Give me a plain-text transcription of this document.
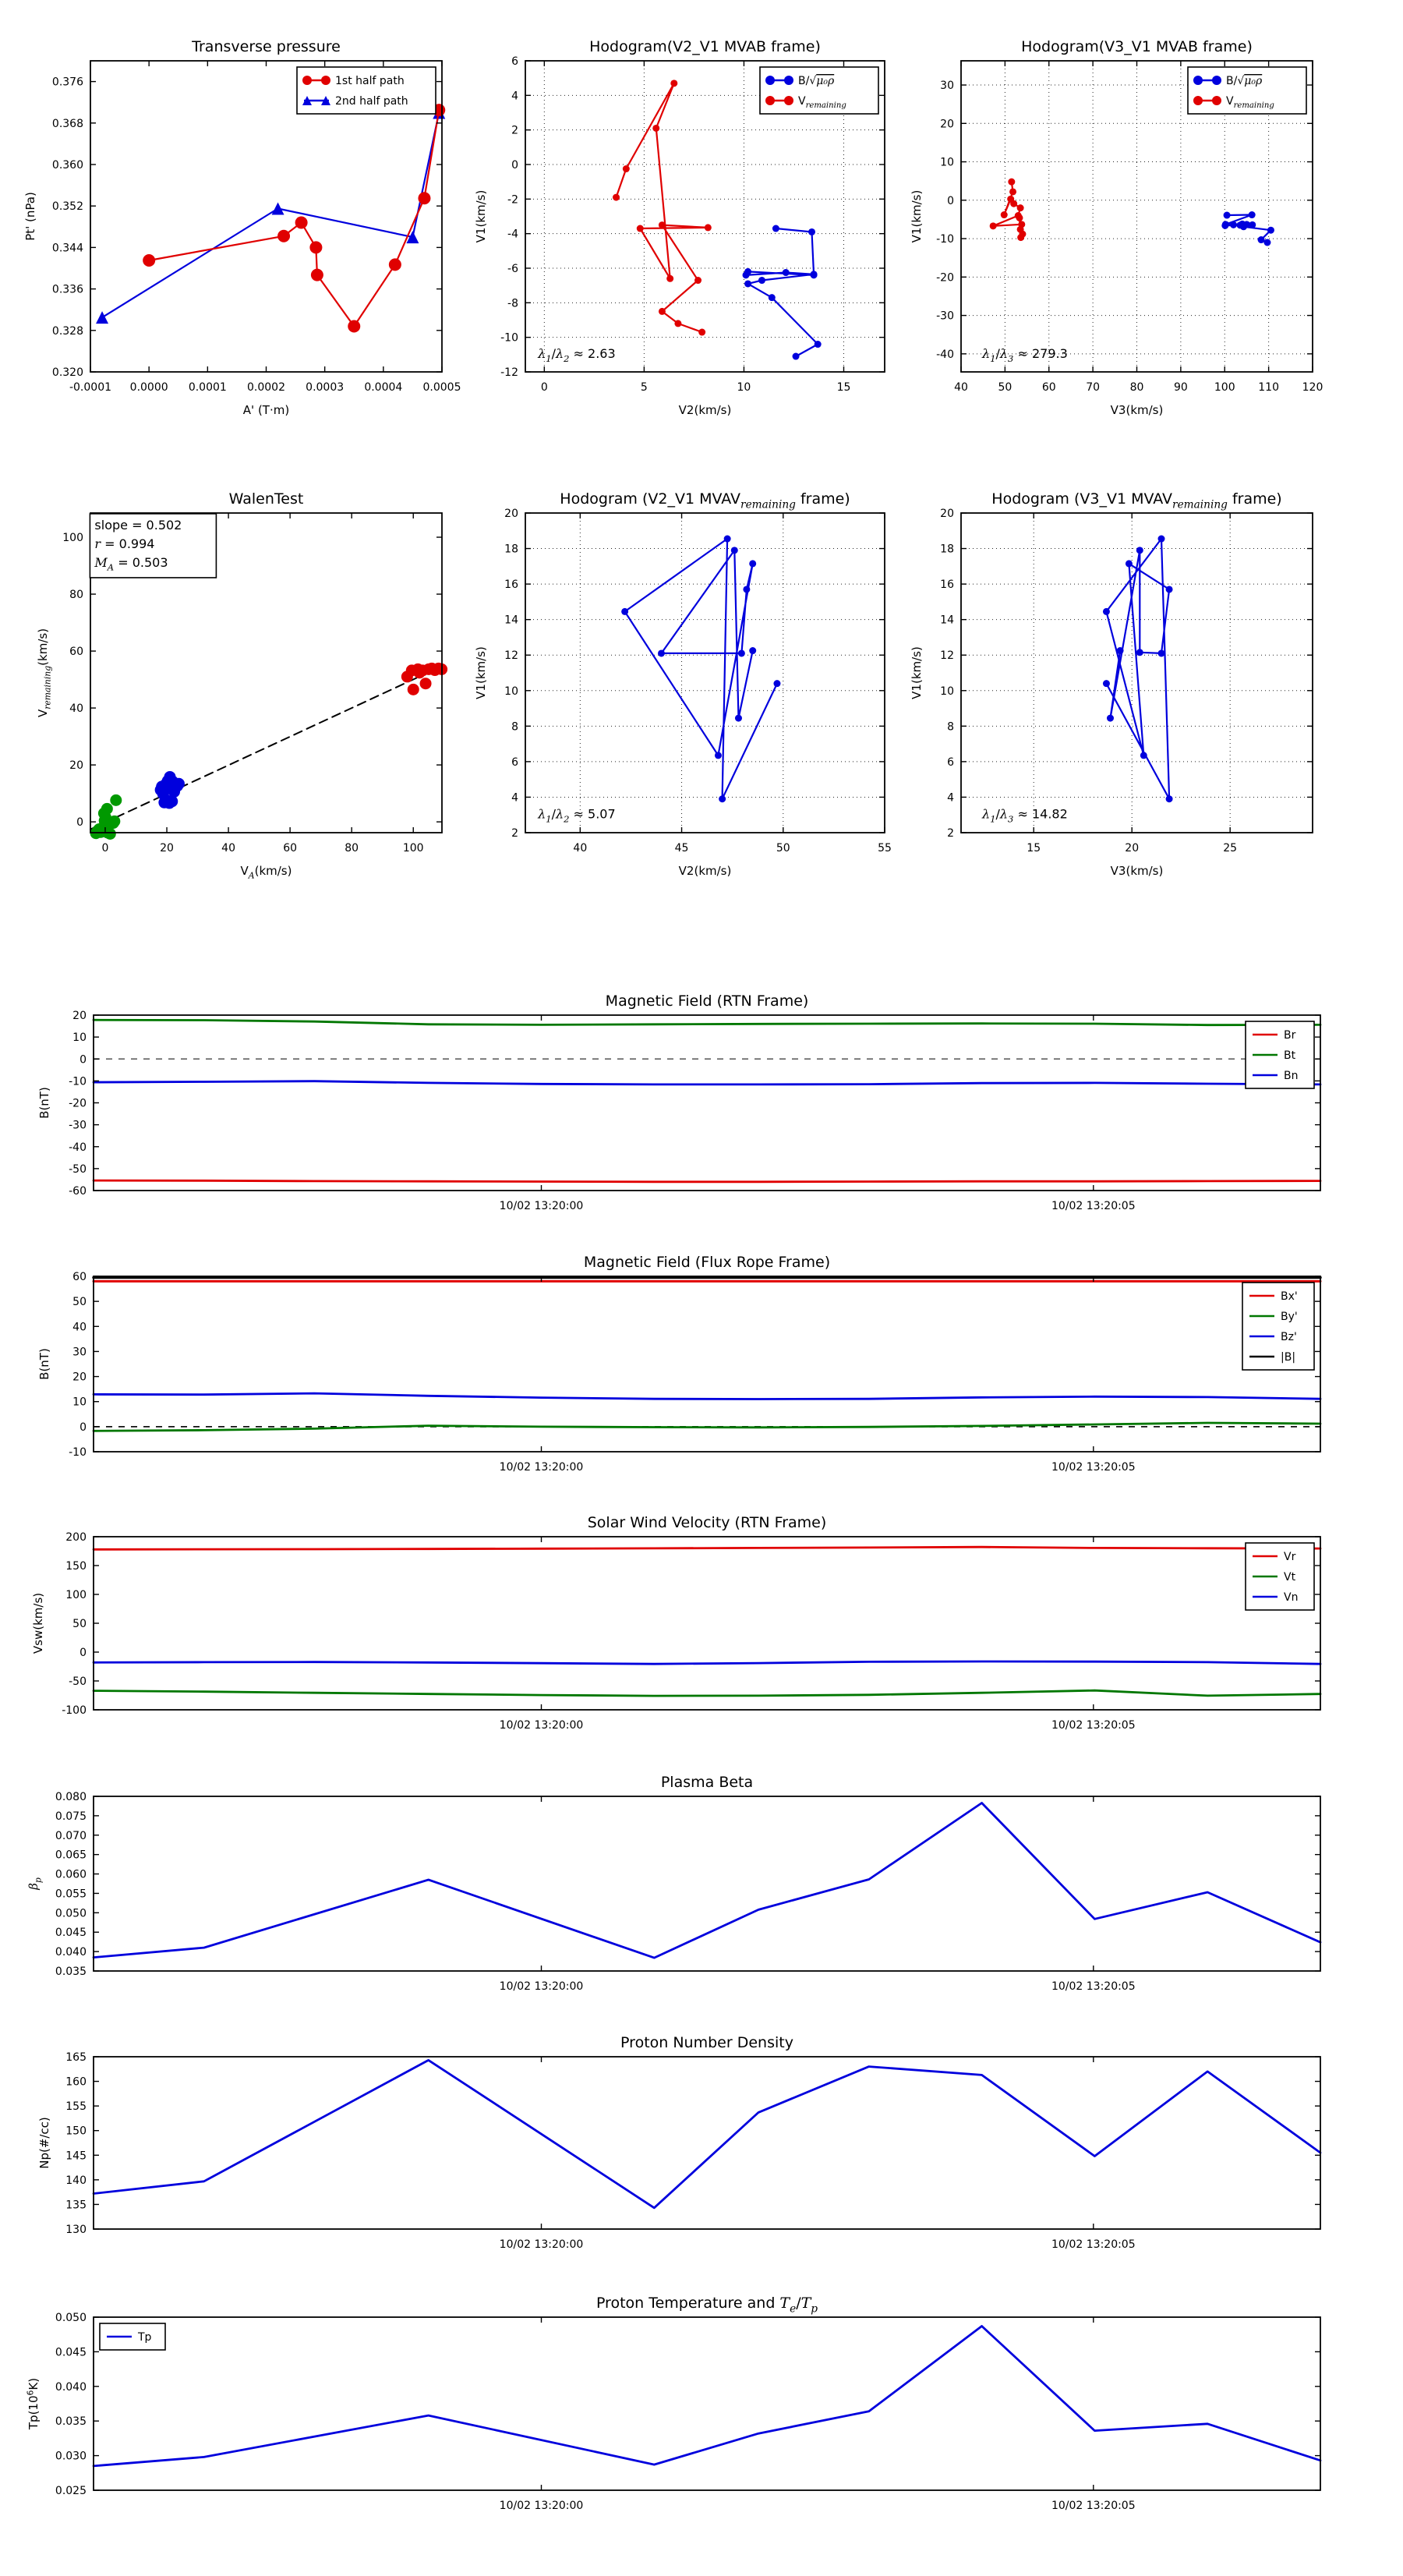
-0.0001 0.0000 0.0001 0.0002 0.0003 0.0004 0.0005
0.320
0.328
0.336
0.344
0.352
0.360
0.368
0.376
Transverse pressure
A' (T·m)
Pt' (nPa)
1st half path
2nd half path
0	5	10	15
-12
-10
-8
-6
-4
-2
0
2
4
6
Hodogram(V2_V1 MVAB frame)
V2(km/s)
V1(km/s)
B/√μ₀ρ
$V_{remaining}$
$\lambda_1/\lambda_2 \approx 2.63$
40	50	60	70	80	90 100 110 120
-40
-30
-20
-10
0
10
20
30
Hodogram(V3_V1 MVAB frame)
V3(km/s)
V1(km/s)
B/√μ₀ρ
$V_{remaining}$
$\lambda_1/\lambda_3 \approx 279.3$
0	20	40	60	80	100
0
20
40
60
80
100
WalenTest
$V_A(km/s)$
$V_{remaining}(km/s)$
slope = 0.502
r = 0.994
$M_A = 0.503$
40	45	50	55
2
4
6
8
10
12
14
16
18
20
Hodogram (V2_V1 $MVAV_{remaining}$ frame)
V2(km/s)
V1(km/s)
$\lambda_1/\lambda_2 \approx 5.07$
15	20	25
2
4
6
8
10
12
14
16
18
20
Hodogram (V3_V1 $MVAV_{remaining}$ frame)
V3(km/s)
V1(km/s)
$\lambda_1/\lambda_3 \approx 14.82$
10/02 13:20:00	10/02 13:20:05
-60
-50
-40
-30
-20
-10
0
10
20
Magnetic Field (RTN Frame)
B(nT)
Br
Bt
Bn
10/02 13:20:00	10/02 13:20:05
-10
0
10
20
30
40
50
60
Magnetic Field (Flux Rope Frame)
B(nT)
Bx'
By'
Bz'
|B|
10/02 13:20:00	10/02 13:20:05
-100
-50
0
50
100
150
200
Solar Wind Velocity (RTN Frame)
Vsw(km/s)
Vr
Vt
Vn
10/02 13:20:00	10/02 13:20:05
0.035
0.040
0.045
0.050
0.055
0.060
0.065
0.070
0.075
0.080
Plasma Beta
$\beta_p$
10/02 13:20:00	10/02 13:20:05
130
135
140
145
150
155
160
165
Proton Number Density
Np(#/cc)
10/02 13:20:00	10/02 13:20:05
0.025
0.030
0.035
0.040
0.045
0.050
Proton Temperature and $T_e/T_p$
$Tp(10^6K)$
Tp
